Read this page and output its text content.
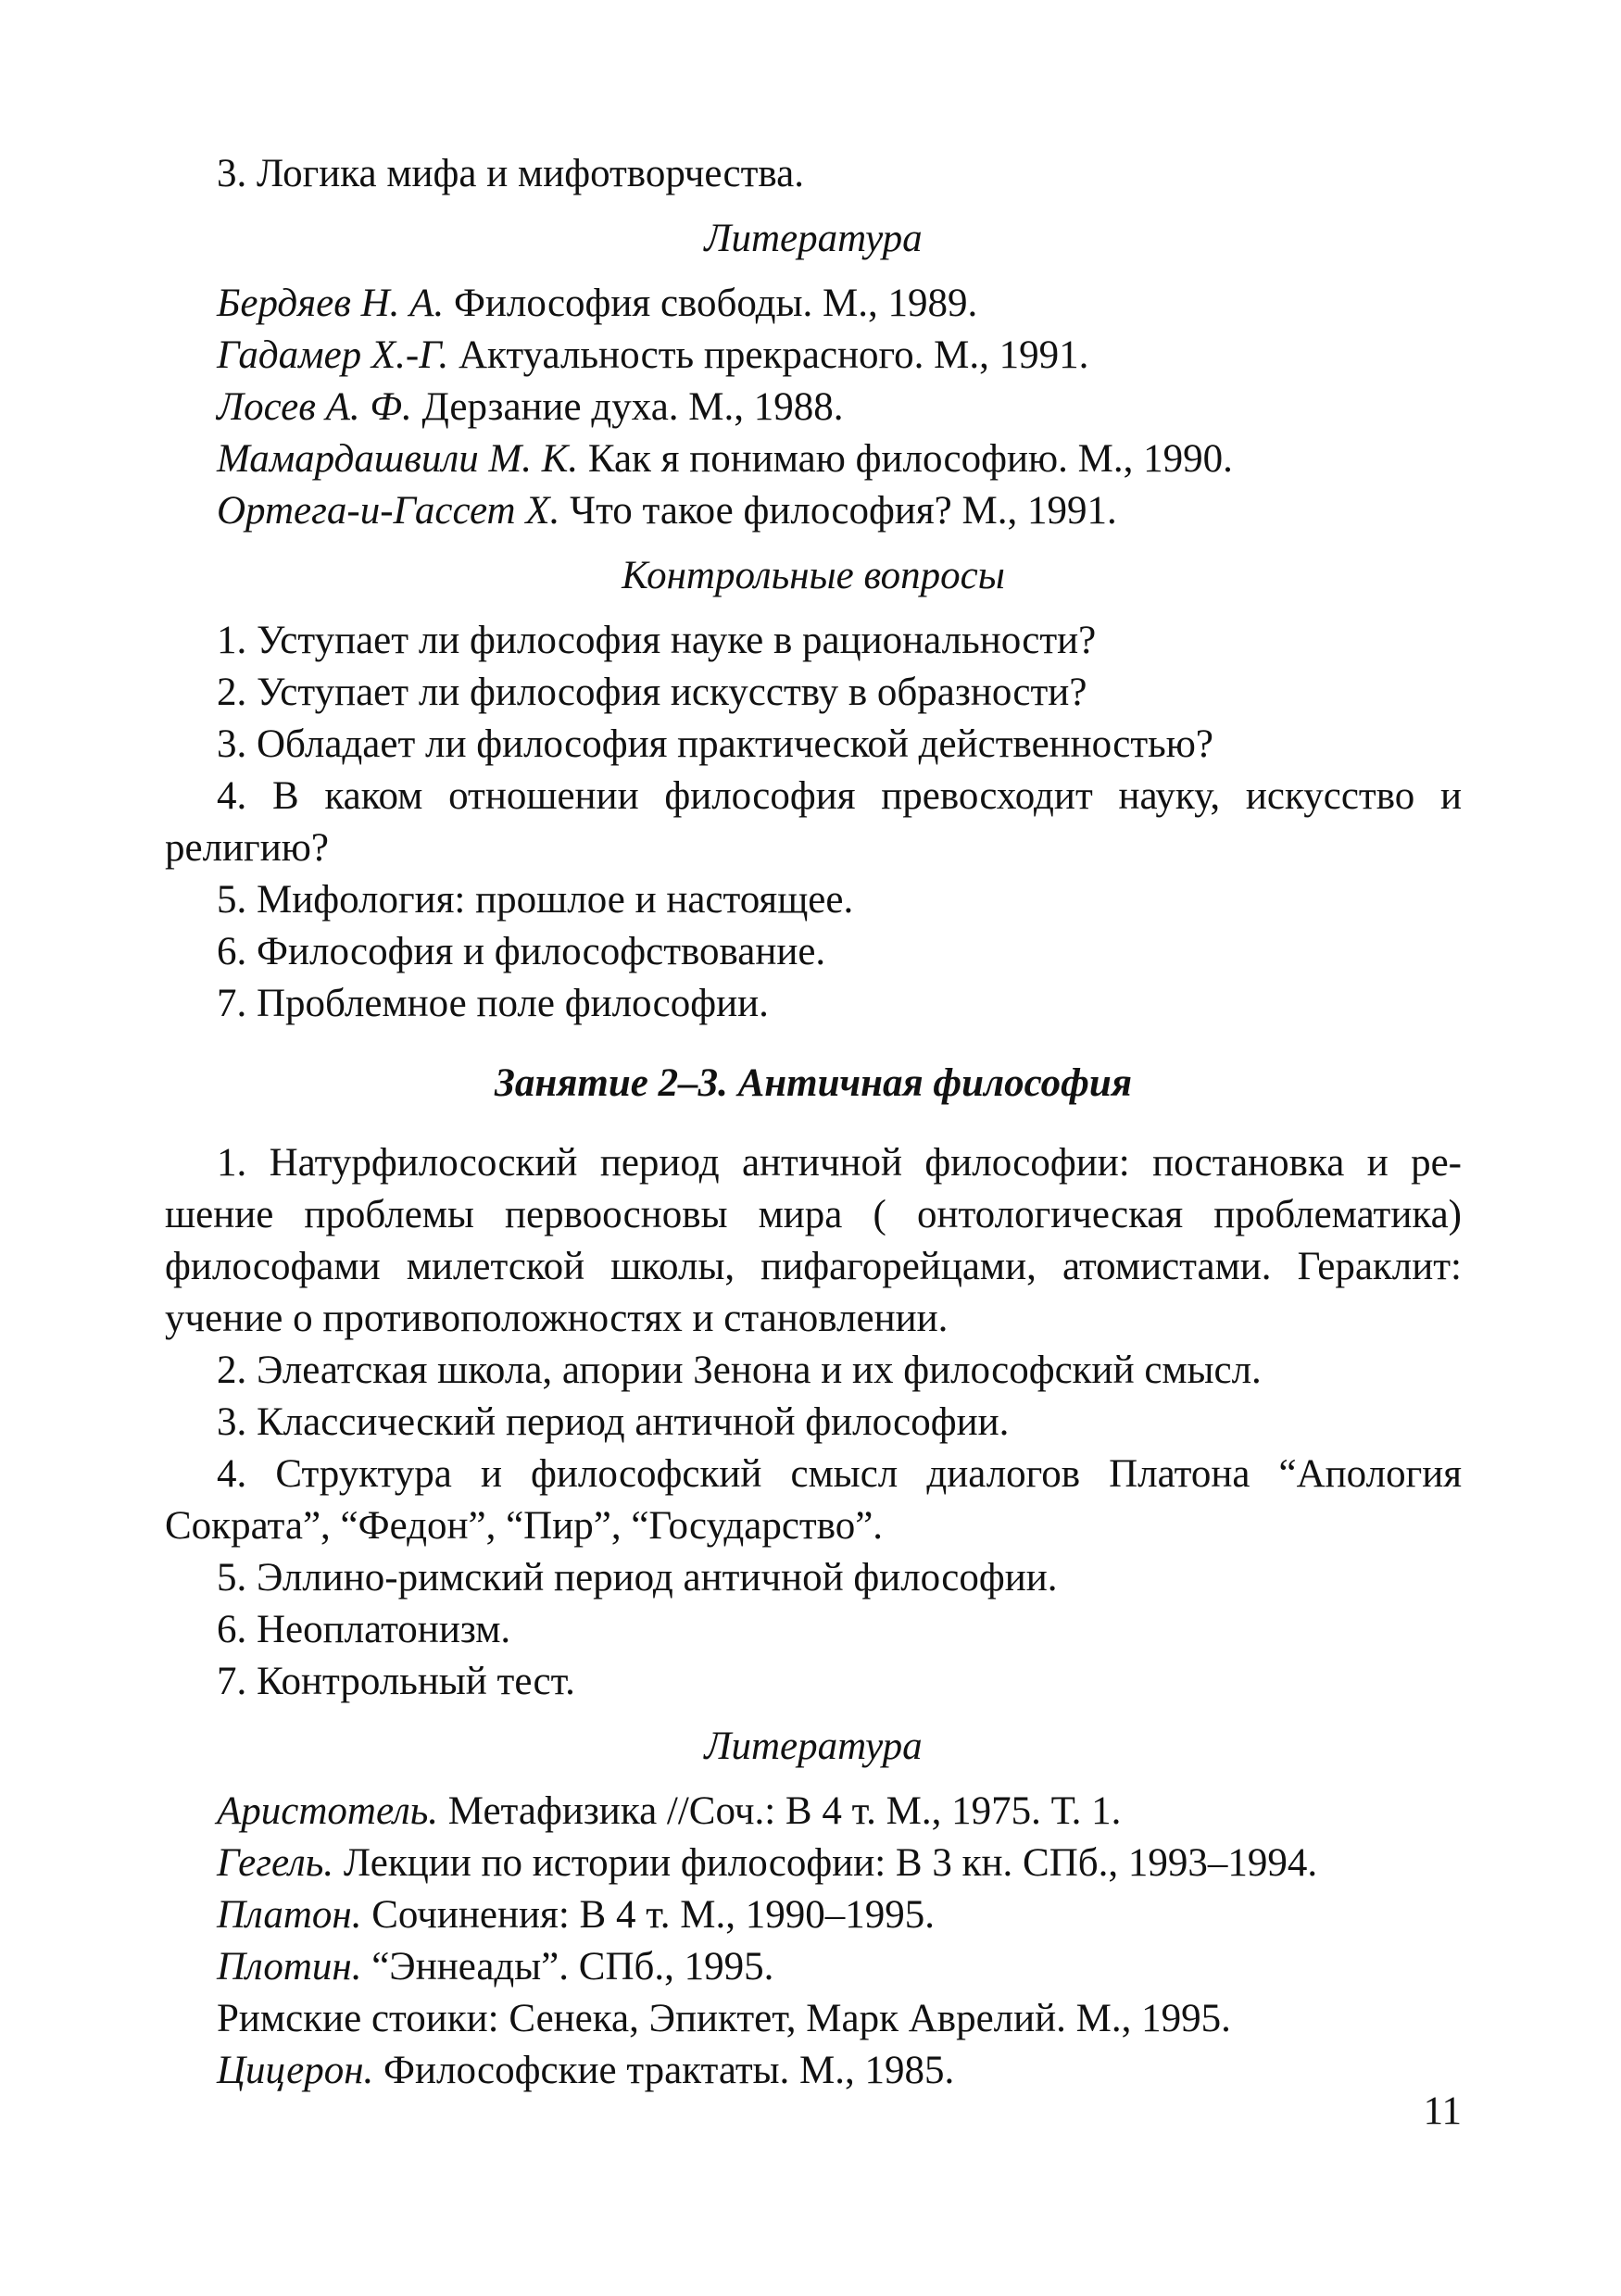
3. Логика мифа и мифотворчества.

Литература

Бердяев Н. А. Философия свободы. М., 1989.

Гадамер Х.-Г. Актуальность прекрасного. М., 1991.

Лосев А. Ф. Дерзание духа. М., 1988.

Мамардашвили М. К. Как я понимаю философию. М., 1990.

Ортега-и-Гассет Х. Что такое философия? М., 1991.

Контрольные вопросы

1. Уступает ли философия науке в рациональности?

2. Уступает ли философия искусству в образности?

3. Обладает ли философия практической действенностью?

4. В каком отношении философия превосходит науку, искусство и

религию?

5. Мифология: прошлое и настоящее.

6. Философия и философствование.

7. Проблемное поле философии.

Занятие 2–3. Античная философия

1. Натурфилосоский период античной философии: постановка и ре-

шение проблемы первоосновы мира ( онтологическая проблематика)

философами милетской школы, пифагорейцами, атомистами. Гераклит:

учение о противоположностях и становлении.

2. Элеатская школа, апории Зенона и их философский смысл.

3. Классический период античной философии.

4. Структура и философский смысл диалогов Платона “Апология

Сократа”, “Федон”, “Пир”, “Государство”.

5. Эллино-римский период античной философии.

6. Неоплатонизм.

7. Контрольный тест.

Литература

Аристотель. Метафизика //Соч.: В 4 т. М., 1975. Т. 1.

Гегель. Лекции по истории философии: В 3 кн. СПб., 1993–1994.

Платон. Сочинения: В 4 т. М., 1990–1995.

Плотин. “Эннеады”. СПб., 1995.

Римские стоики: Сенека, Эпиктет, Марк Аврелий. М., 1995.

Цицерон. Философские трактаты. М., 1985.

11
